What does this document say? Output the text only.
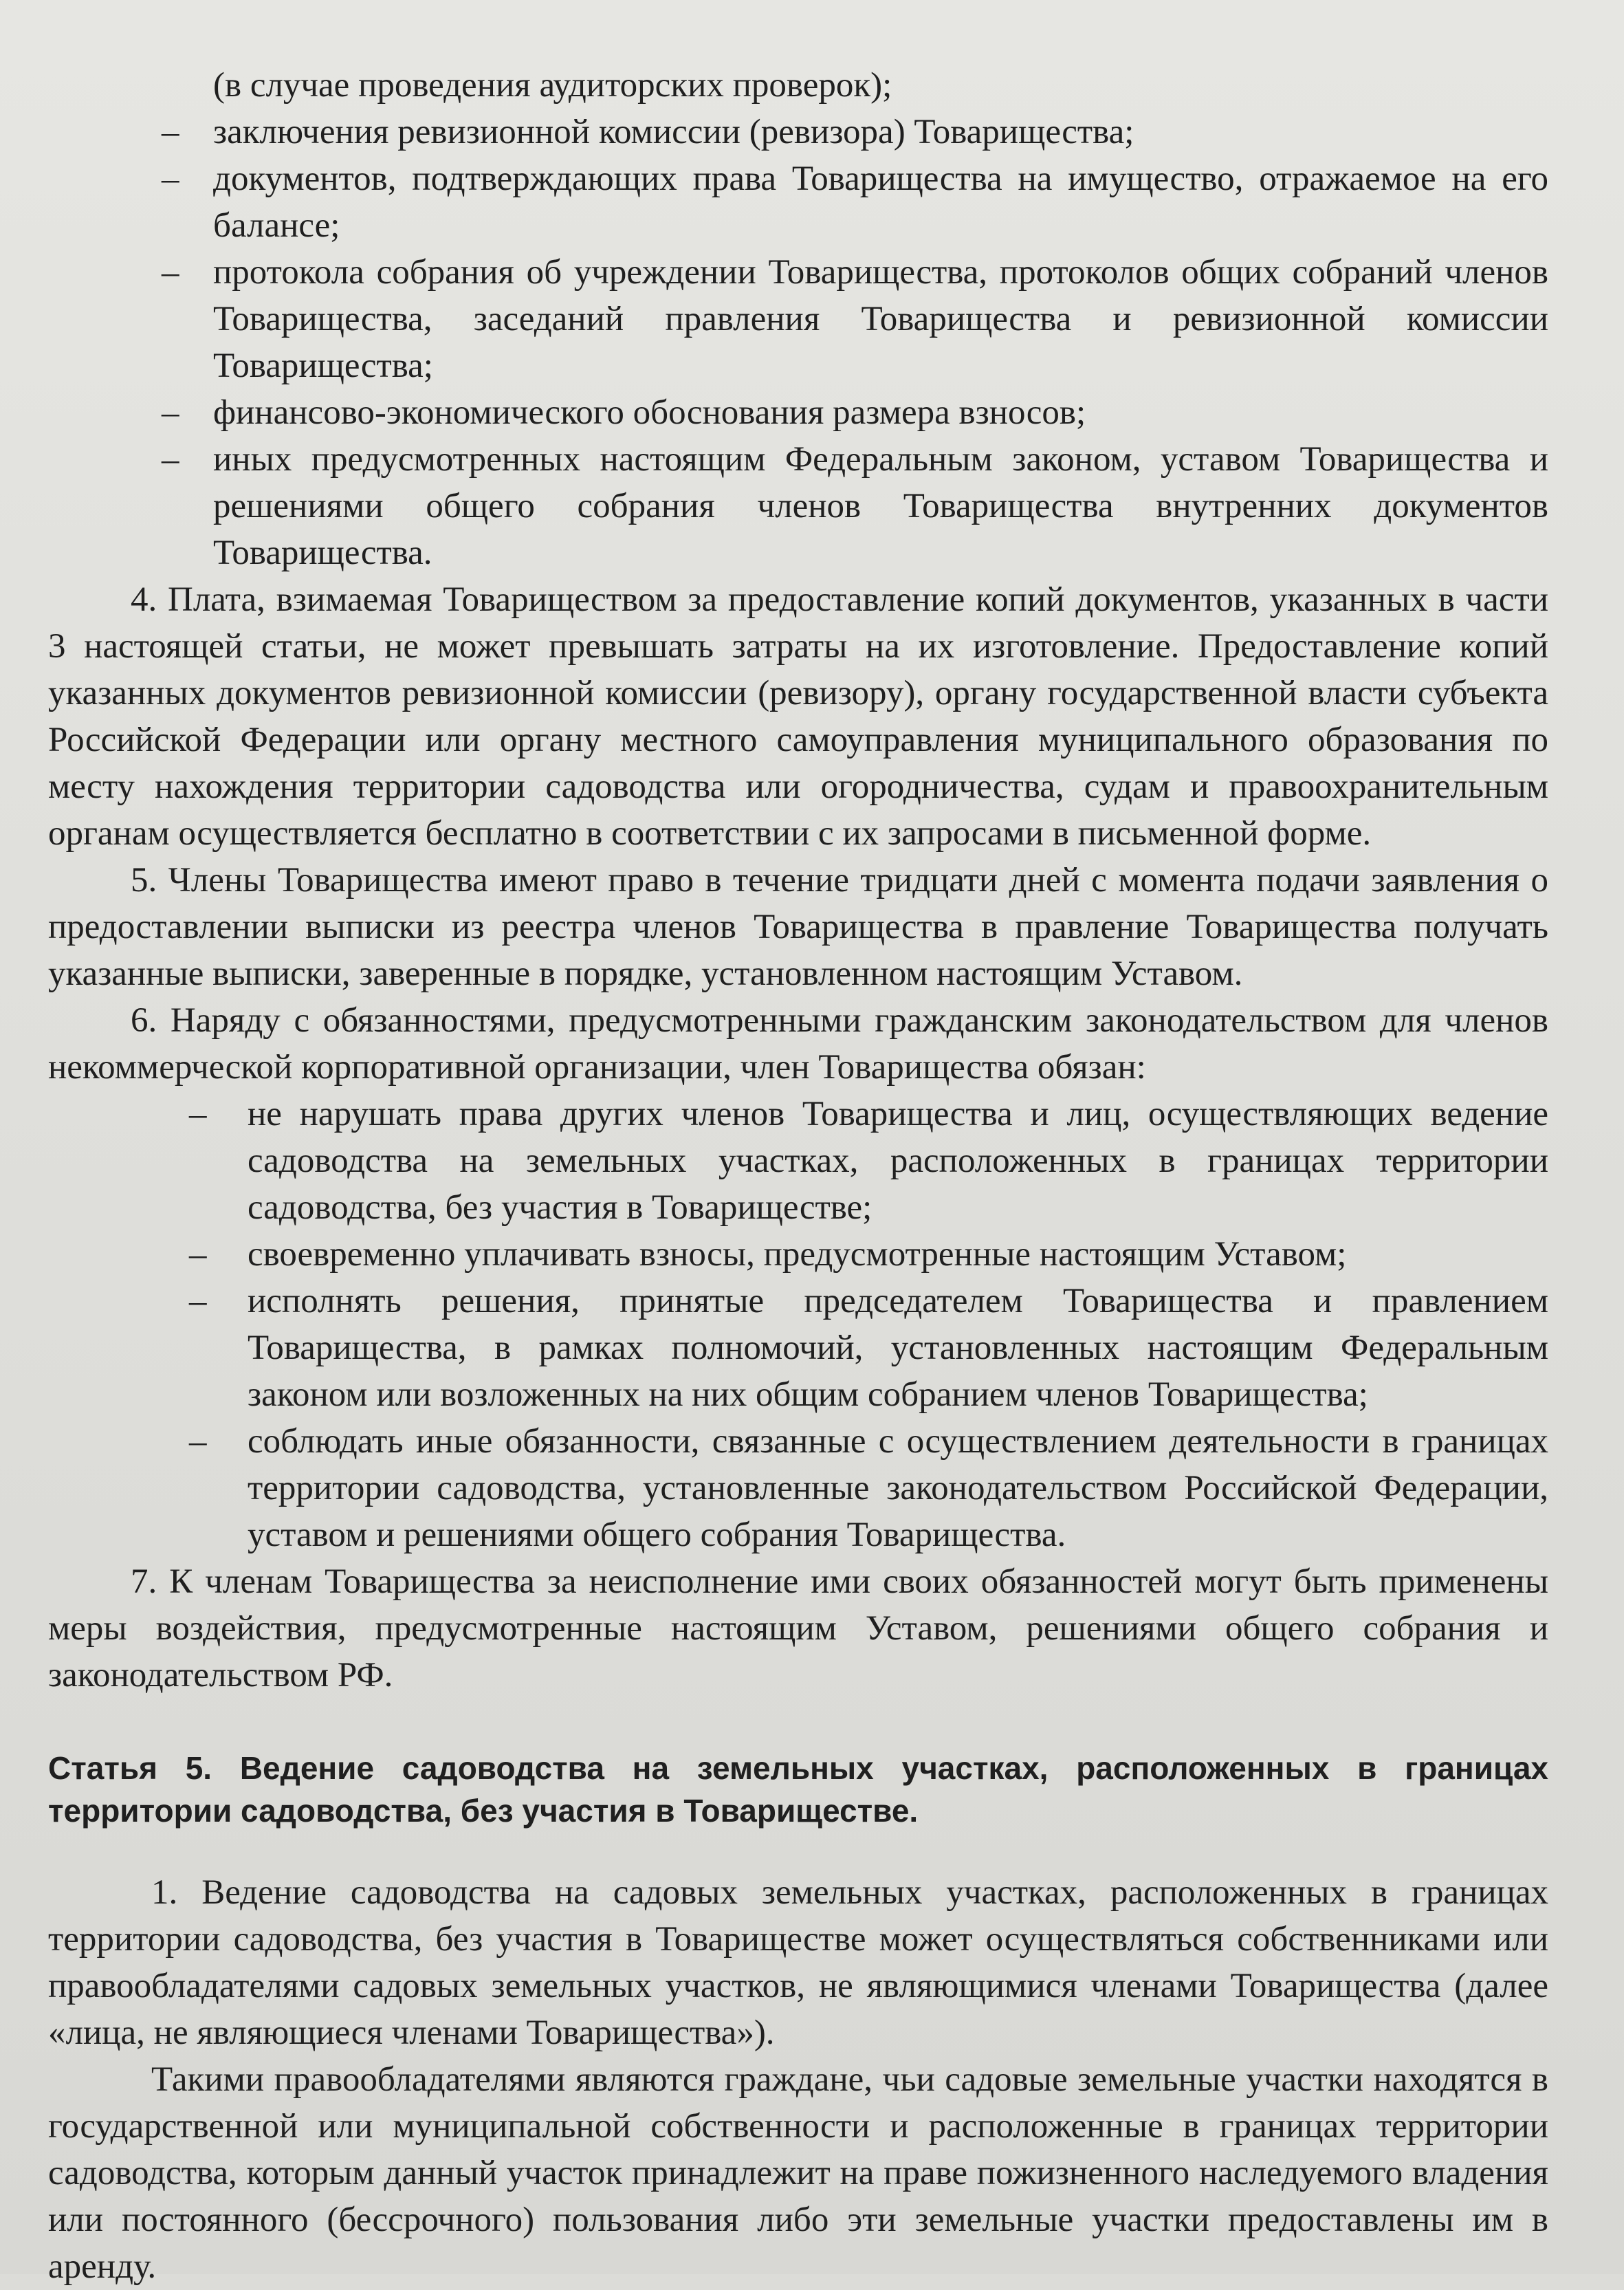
(в случае проведения аудиторских проверок);

– заключения ревизионной комиссии (ревизора) Товарищества;
– документов, подтверждающих права Товарищества на имущество, отражаемое на его балансе;
– протокола собрания об учреждении Товарищества, протоколов общих собраний членов Товарищества, заседаний правления Товарищества и ревизионной комиссии Товарищества;
– финансово-экономического обоснования размера взносов;
– иных предусмотренных настоящим Федеральным законом, уставом Товарищества и решениями общего собрания членов Товарищества внутренних документов Товарищества.

4. Плата, взимаемая Товариществом за предоставление копий документов, указанных в части 3 настоящей статьи, не может превышать затраты на их изготовление. Предоставление копий указанных документов ревизионной комиссии (ревизору), органу государственной власти субъекта Российской Федерации или органу местного самоуправления муниципального образования по месту нахождения территории садоводства или огородничества, судам и правоохранительным органам осуществляется бесплатно в соответствии с их запросами в письменной форме.

5. Члены Товарищества имеют право в течение тридцати дней с момента подачи заявления о предоставлении выписки из реестра членов Товарищества в правление Товарищества получать указанные выписки, заверенные в порядке, установленном настоящим Уставом.

6. Наряду с обязанностями, предусмотренными гражданским законодательством для членов некоммерческой корпоративной организации, член Товарищества обязан:

– не нарушать права других членов Товарищества и лиц, осуществляющих ведение садоводства на земельных участках, расположенных в границах территории садоводства, без участия в Товариществе;
– своевременно уплачивать взносы, предусмотренные настоящим Уставом;
– исполнять решения, принятые председателем Товарищества и правлением Товарищества, в рамках полномочий, установленных настоящим Федеральным законом или возложенных на них общим собранием членов Товарищества;
– соблюдать иные обязанности, связанные с осуществлением деятельности в границах территории садоводства, установленные законодательством Российской Федерации, уставом и решениями общего собрания Товарищества.

7. К членам Товарищества за неисполнение ими своих обязанностей могут быть применены меры воздействия, предусмотренные настоящим Уставом, решениями общего собрания и законодательством РФ.

Статья 5. Ведение садоводства на земельных участках, расположенных в границах территории садоводства, без участия в Товариществе.

1. Ведение садоводства на садовых земельных участках, расположенных в границах территории садоводства, без участия в Товариществе может осуществляться собственниками или правообладателями садовых земельных участков, не являющимися членами Товарищества (далее «лица, не являющиеся членами Товарищества»).

Такими правообладателями являются граждане, чьи садовые земельные участки находятся в государственной или муниципальной собственности и расположенные в границах территории садоводства, которым данный участок принадлежит на праве пожизненного наследуемого владения или постоянного (бессрочного) пользования либо эти земельные участки предоставлены им в аренду.
